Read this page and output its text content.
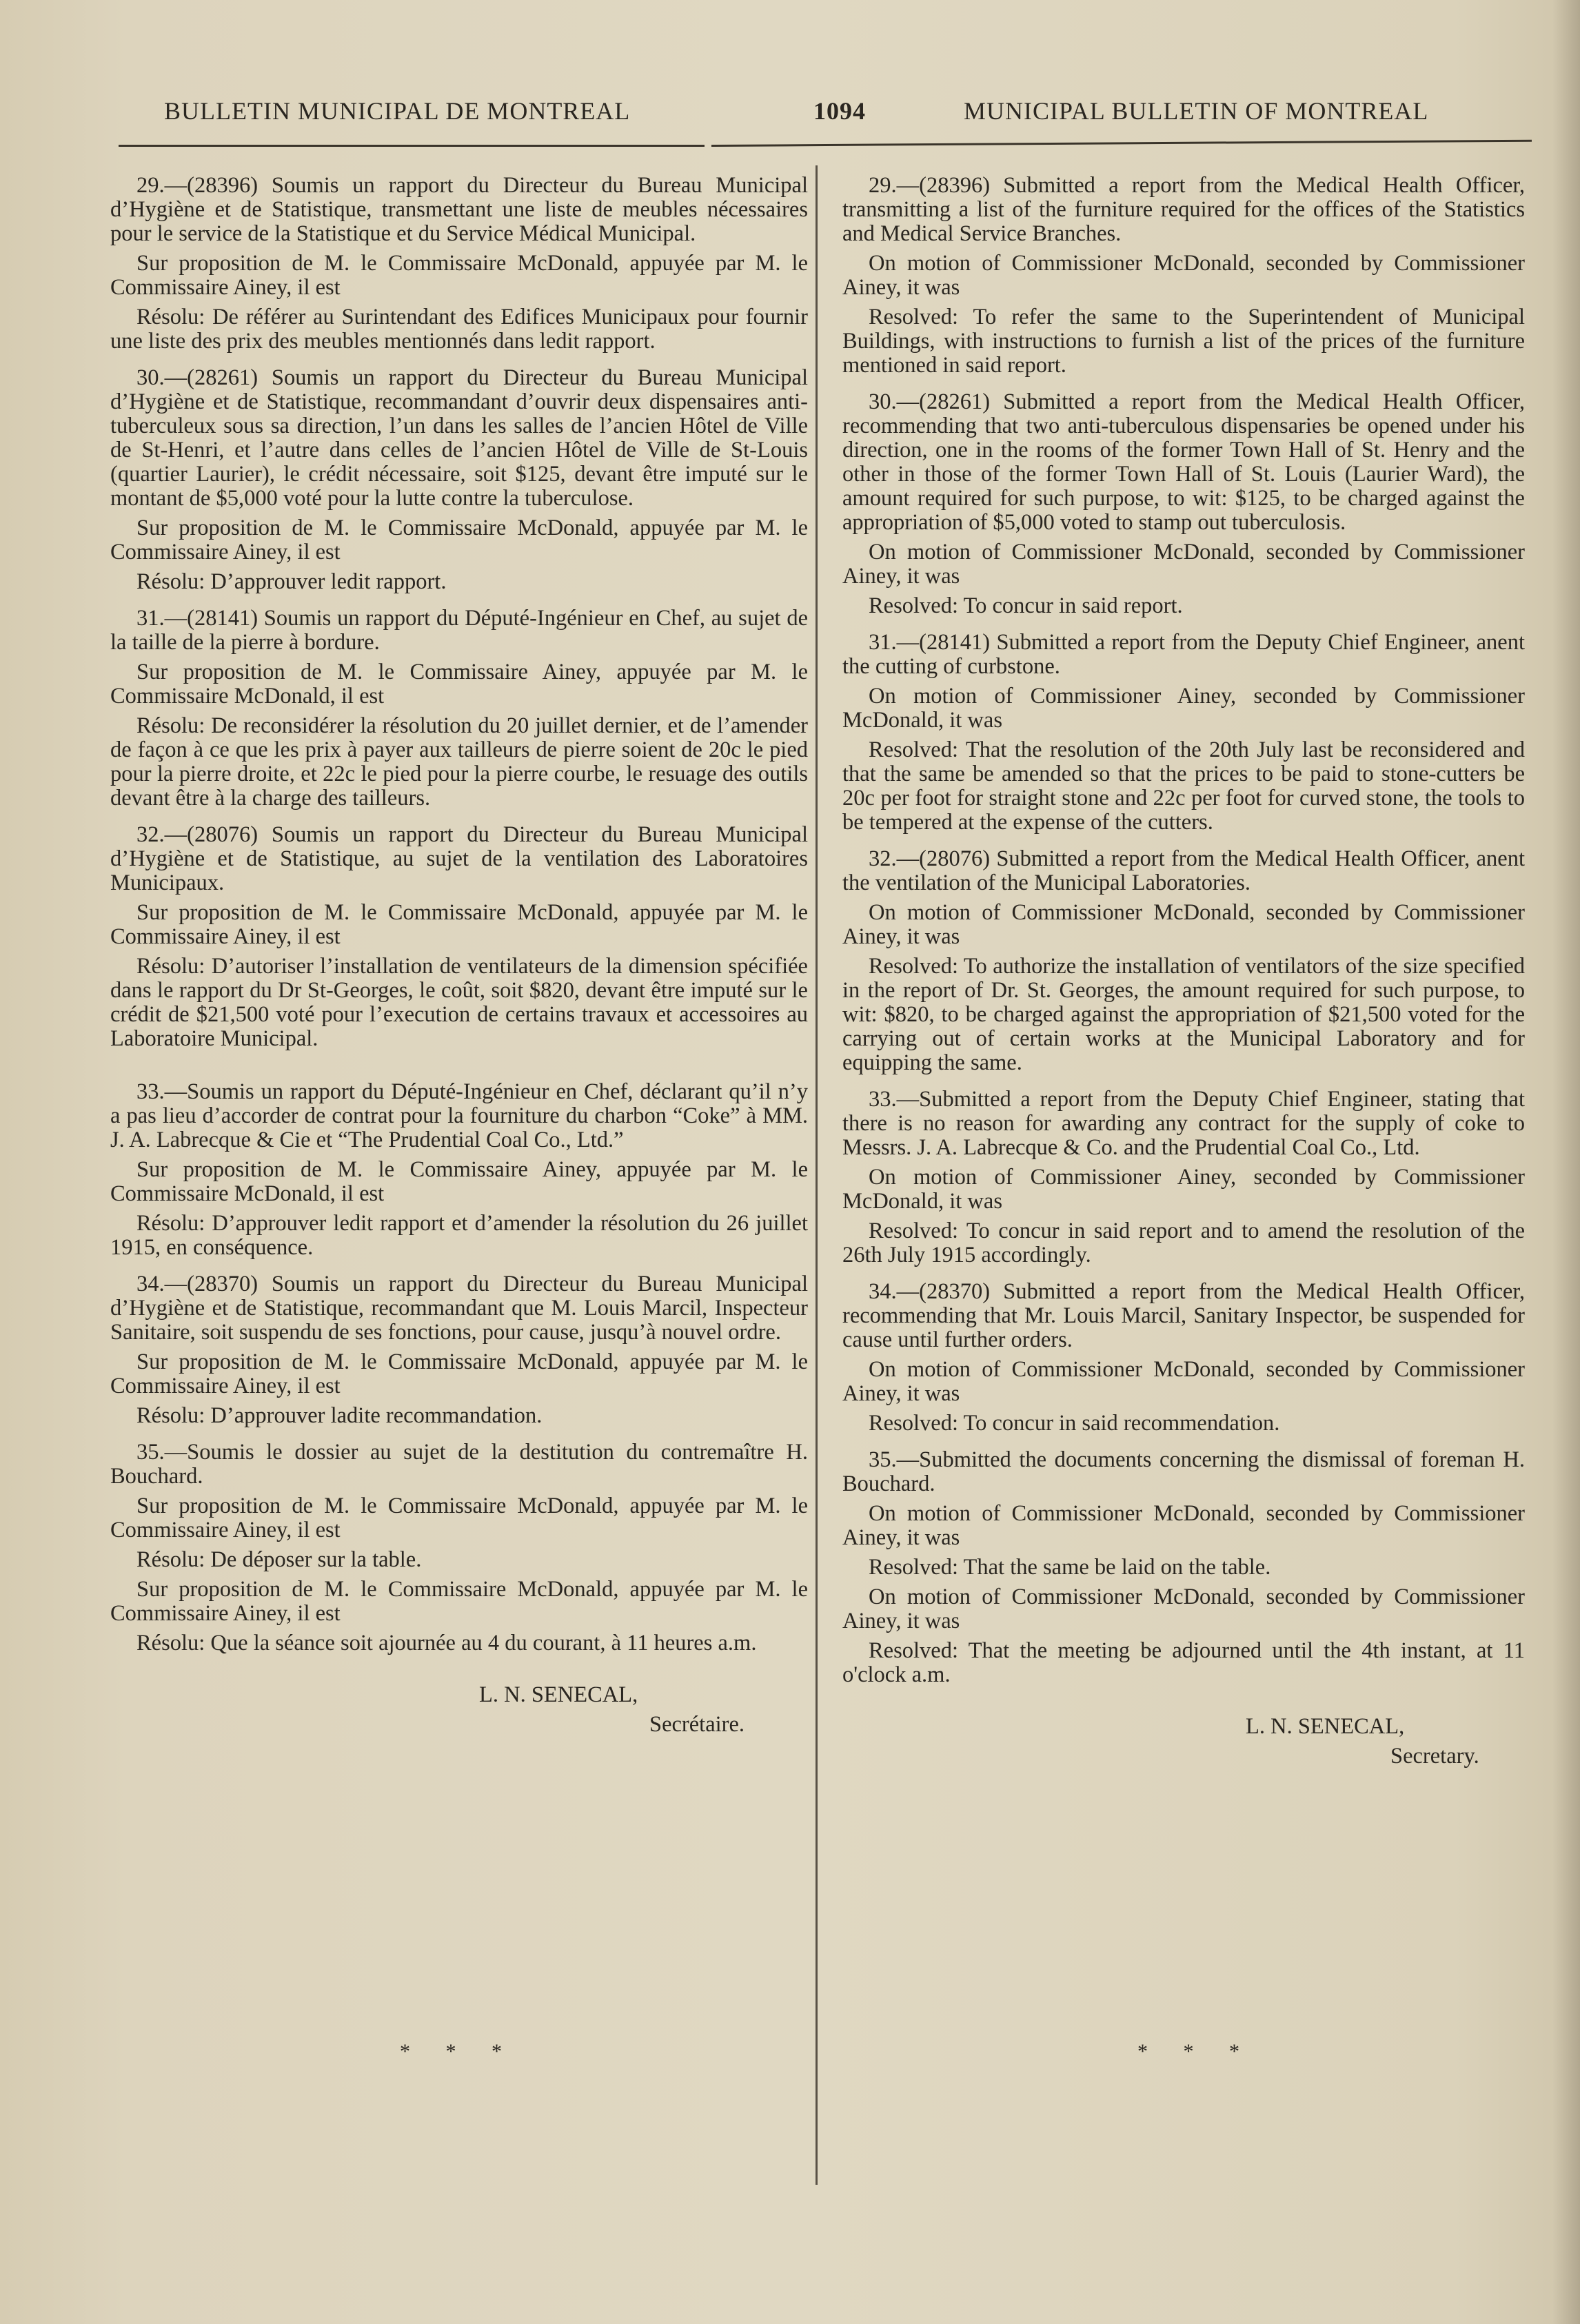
BULLETIN MUNICIPAL DE MONTREAL	1094	MUNICIPAL BULLETIN OF MONTREAL

29.—(28396) Soumis un rapport du Directeur du Bureau Municipal d’Hygiène et de Statistique, transmettant une liste de meubles nécessaires pour le service de la Statistique et du Service Médical Municipal.

Sur proposition de M. le Commissaire McDonald, appuyée par M. le Commissaire Ainey, il est

Résolu: De référer au Surintendant des Edifices Municipaux pour fournir une liste des prix des meubles mentionnés dans ledit rapport.

30.—(28261) Soumis un rapport du Directeur du Bureau Municipal d’Hygiène et de Statistique, recommandant d’ouvrir deux dispensaires anti-tuberculeux sous sa direction, l’un dans les salles de l’ancien Hôtel de Ville de St-Henri, et l’autre dans celles de l’ancien Hôtel de Ville de St-Louis (quartier Laurier), le crédit nécessaire, soit $125, devant être imputé sur le montant de $5,000 voté pour la lutte contre la tuberculose.

Sur proposition de M. le Commissaire McDonald, appuyée par M. le Commissaire Ainey, il est

Résolu: D’approuver ledit rapport.

31.—(28141) Soumis un rapport du Député-Ingénieur en Chef, au sujet de la taille de la pierre à bordure.

Sur proposition de M. le Commissaire Ainey, appuyée par M. le Commissaire McDonald, il est

Résolu: De reconsidérer la résolution du 20 juillet dernier, et de l’amender de façon à ce que les prix à payer aux tailleurs de pierre soient de 20c le pied pour la pierre droite, et 22c le pied pour la pierre courbe, le resuage des outils devant être à la charge des tailleurs.

32.—(28076) Soumis un rapport du Directeur du Bureau Municipal d’Hygiène et de Statistique, au sujet de la ventilation des Laboratoires Municipaux.

Sur proposition de M. le Commissaire McDonald, appuyée par M. le Commissaire Ainey, il est

Résolu: D’autoriser l’installation de ventilateurs de la dimension spécifiée dans le rapport du Dr St-Georges, le coût, soit $820, devant être imputé sur le crédit de $21,500 voté pour l’execution de certains travaux et accessoires au Laboratoire Municipal.

33.—Soumis un rapport du Député-Ingénieur en Chef, déclarant qu’il n’y a pas lieu d’accorder de contrat pour la fourniture du charbon “Coke” à MM. J. A. Labrecque & Cie et “The Prudential Coal Co., Ltd.”

Sur proposition de M. le Commissaire Ainey, appuyée par M. le Commissaire McDonald, il est

Résolu: D’approuver ledit rapport et d’amender la résolution du 26 juillet 1915, en conséquence.

34.—(28370) Soumis un rapport du Directeur du Bureau Municipal d’Hygiène et de Statistique, recommandant que M. Louis Marcil, Inspecteur Sanitaire, soit suspendu de ses fonctions, pour cause, jusqu’à nouvel ordre.

Sur proposition de M. le Commissaire McDonald, appuyée par M. le Commissaire Ainey, il est

Résolu: D’approuver ladite recommandation.

35.—Soumis le dossier au sujet de la destitution du contremaître H. Bouchard.

Sur proposition de M. le Commissaire McDonald, appuyée par M. le Commissaire Ainey, il est

Résolu: De déposer sur la table.

Sur proposition de M. le Commissaire McDonald, appuyée par M. le Commissaire Ainey, il est

Résolu: Que la séance soit ajournée au 4 du courant, à 11 heures a.m.

L. N. SENECAL,
Secrétaire.

29.—(28396) Submitted a report from the Medical Health Officer, transmitting a list of the furniture required for the offices of the Statistics and Medical Service Branches.

On motion of Commissioner McDonald, seconded by Commissioner Ainey, it was

Resolved: To refer the same to the Superintendent of Municipal Buildings, with instructions to furnish a list of the prices of the furniture mentioned in said report.

30.—(28261) Submitted a report from the Medical Health Officer, recommending that two anti-tuberculous dispensaries be opened under his direction, one in the rooms of the former Town Hall of St. Henry and the other in those of the former Town Hall of St. Louis (Laurier Ward), the amount required for such purpose, to wit: $125, to be charged against the appropriation of $5,000 voted to stamp out tuberculosis.

On motion of Commissioner McDonald, seconded by Commissioner Ainey, it was

Resolved: To concur in said report.

31.—(28141) Submitted a report from the Deputy Chief Engineer, anent the cutting of curbstone.

On motion of Commissioner Ainey, seconded by Commissioner McDonald, it was

Resolved: That the resolution of the 20th July last be reconsidered and that the same be amended so that the prices to be paid to stone-cutters be 20c per foot for straight stone and 22c per foot for curved stone, the tools to be tempered at the expense of the cutters.

32.—(28076) Submitted a report from the Medical Health Officer, anent the ventilation of the Municipal Laboratories.

On motion of Commissioner McDonald, seconded by Commissioner Ainey, it was

Resolved: To authorize the installation of ventilators of the size specified in the report of Dr. St. Georges, the amount required for such purpose, to wit: $820, to be charged against the appropriation of $21,500 voted for the carrying out of certain works at the Municipal Laboratory and for equipping the same.

33.—Submitted a report from the Deputy Chief Engineer, stating that there is no reason for awarding any contract for the supply of coke to Messrs. J. A. Labrecque & Co. and the Prudential Coal Co., Ltd.

On motion of Commissioner Ainey, seconded by Commissioner McDonald, it was

Resolved: To concur in said report and to amend the resolution of the 26th July 1915 accordingly.

34.—(28370) Submitted a report from the Medical Health Officer, recommending that Mr. Louis Marcil, Sanitary Inspector, be suspended for cause until further orders.

On motion of Commissioner McDonald, seconded by Commissioner Ainey, it was

Resolved: To concur in said recommendation.

35.—Submitted the documents concerning the dismissal of foreman H. Bouchard.

On motion of Commissioner McDonald, seconded by Commissioner Ainey, it was

Resolved: That the same be laid on the table.

On motion of Commissioner McDonald, seconded by Commissioner Ainey, it was

Resolved: That the meeting be adjourned until the 4th instant, at 11 o'clock a.m.

L. N. SENECAL,
Secretary.
* * *	* * *
